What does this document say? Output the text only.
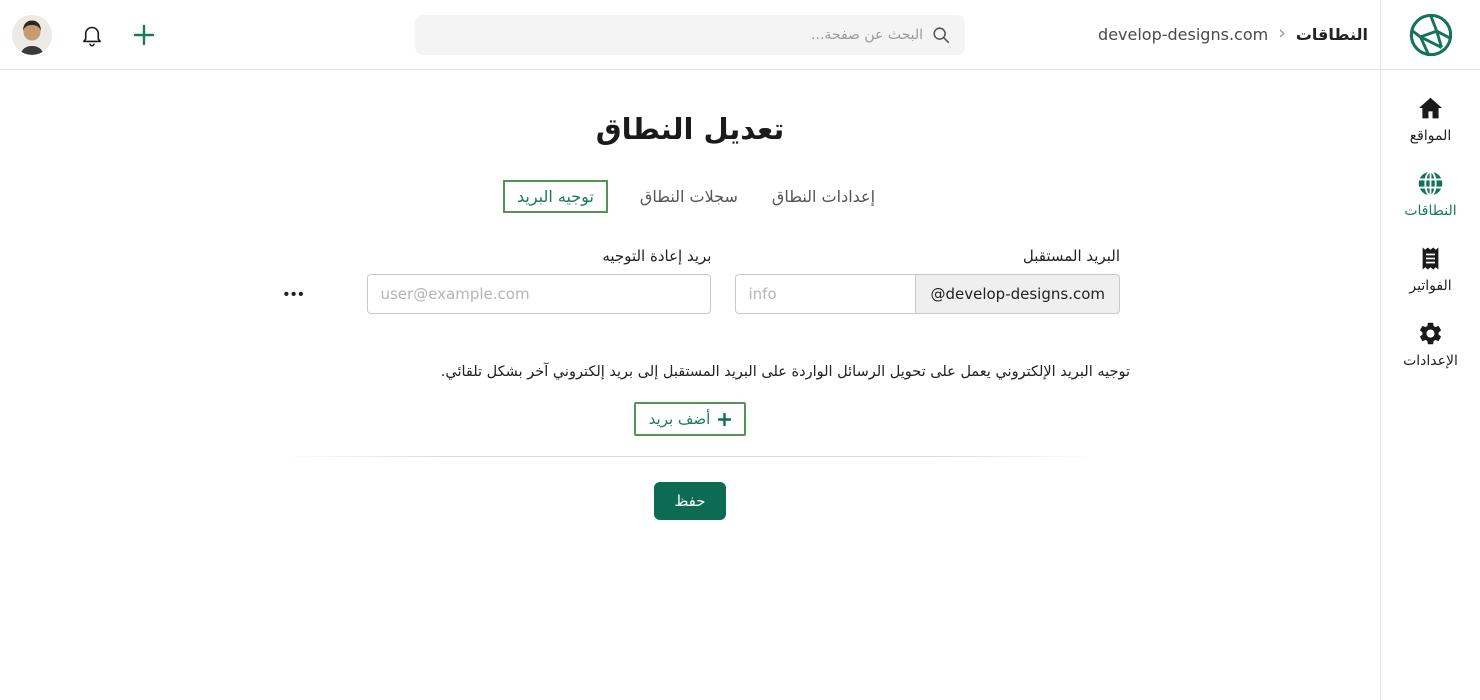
البحث عن صفحة...
النطاقات
‹
develop-designs.com
تعديل النطاق
إعدادات النطاق
سجلات النطاق
توجيه البريد
البريد المستقبل
@develop-designs.com
info
بريد إعادة التوجيه
user@example.com
•••

توجيه البريد الإلكتروني يعمل على تحويل الرسائل الواردة على البريد المستقبل إلى بريد إلكتروني آخر بشكل تلقائي.

أضف بريد
حفظ
المواقع
النطاقات
الفواتير
الإعدادات
